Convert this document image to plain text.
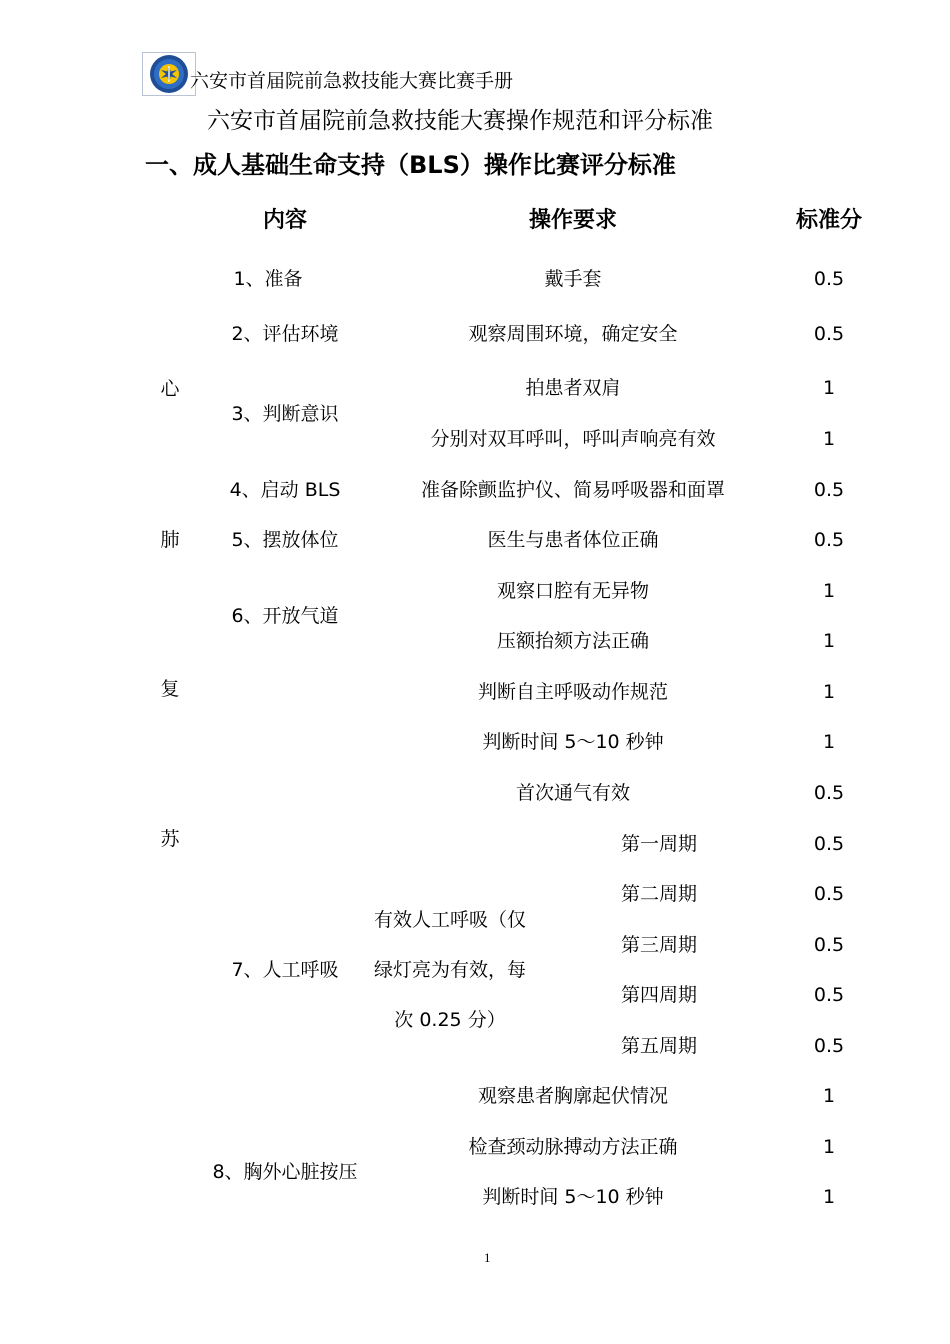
六安市首届院前急救技能大赛比赛手册
六安市首届院前急救技能大赛操作规范和评分标准
一、成人基础生命支持（BLS）操作比赛评分标准
内容	操作要求	标准分
心
肺
复
苏
1、准备
2、评估环境
3、判断意识
4、启动 BLS
5、摆放体位
6、开放气道
7、人工呼吸
8、胸外心脏按压
有效人工呼吸（仅
绿灯亮为有效，每
次 0.25 分）
戴手套
观察周围环境，确定安全
拍患者双肩
分别对双耳呼叫，呼叫声响亮有效
准备除颤监护仪、简易呼吸器和面罩
医生与患者体位正确
观察口腔有无异物
压额抬颏方法正确
判断自主呼吸动作规范
判断时间 5～10 秒钟
首次通气有效
第一周期
第二周期
第三周期
第四周期
第五周期
观察患者胸廓起伏情况
检查颈动脉搏动方法正确
判断时间 5～10 秒钟
0.5
0.5
1
1
0.5
0.5
1
1
1
1
0.5
0.5
0.5
0.5
0.5
0.5
1
1
1
1
